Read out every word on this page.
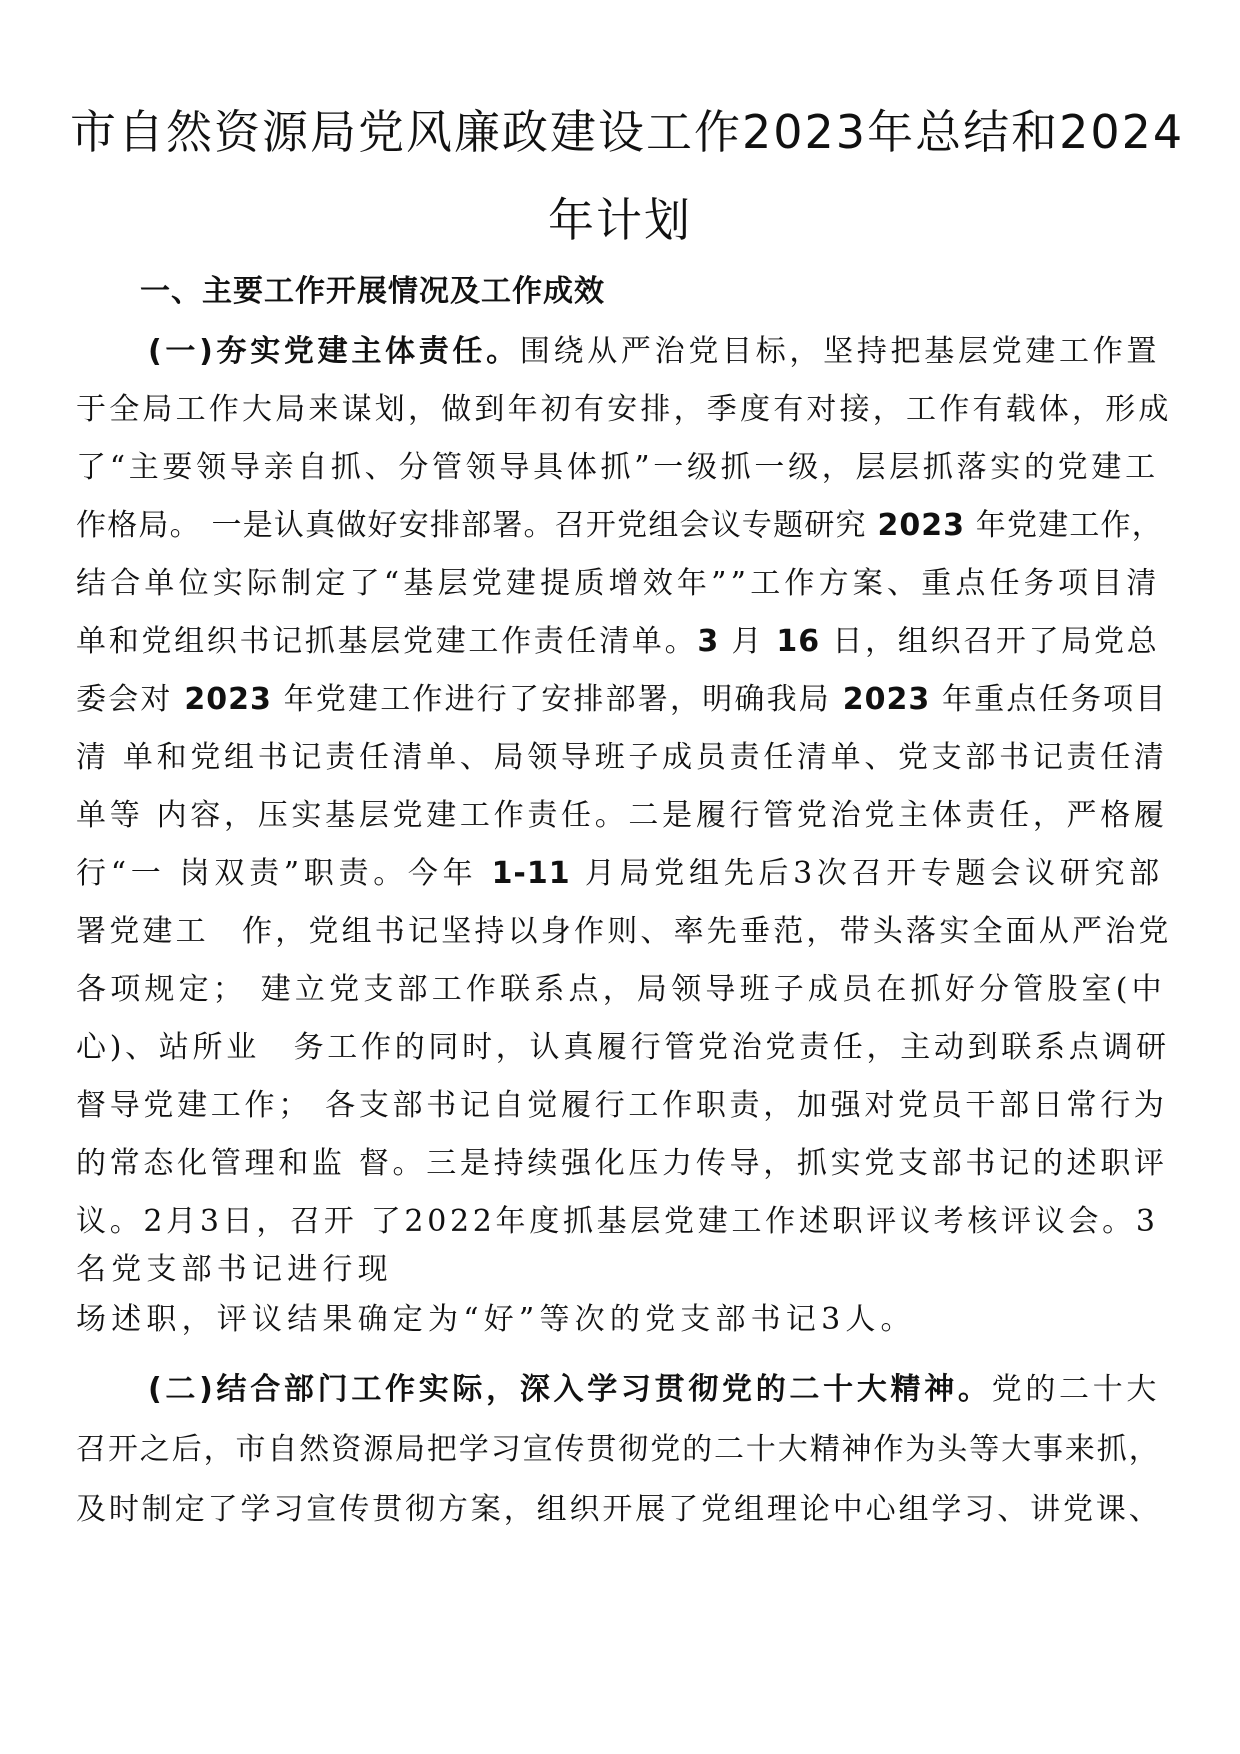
市自然资源局党风廉政建设工作2023年总结和2024
年计划
一、主要工作开展情况及工作成效

(一)夯实党建主体责任。围绕从严治党目标，坚持把基层党建工作置

于全局工作大局来谋划，做到年初有安排，季度有对接，工作有载体，形成

了“主要领导亲自抓、分管领导具体抓”一级抓一级，层层抓落实的党建工

作格局。 一是认真做好安排部署。召开党组会议专题研究 2023 年党建工作，

结合单位实际制定了“基层党建提质增效年””工作方案、重点任务项目清

单和党组织书记抓基层党建工作责任清单。3 月 16 日，组织召开了局党总

委会对 2023 年党建工作进行了安排部署，明确我局 2023 年重点任务项目

清 单和党组书记责任清单、局领导班子成员责任清单、党支部书记责任清

单等 内容，压实基层党建工作责任。二是履行管党治党主体责任，严格履

行“一 岗双责”职责。今年 1-11 月局党组先后3次召开专题会议研究部

署党建工　作，党组书记坚持以身作则、率先垂范，带头落实全面从严治党

各项规定； 建立党支部工作联系点，局领导班子成员在抓好分管股室(中

心)、站所业　务工作的同时，认真履行管党治党责任，主动到联系点调研

督导党建工作； 各支部书记自觉履行工作职责，加强对党员干部日常行为

的常态化管理和监 督。三是持续强化压力传导，抓实党支部书记的述职评

议。2月3日，召开 了2022年度抓基层党建工作述职评议考核评议会。3

名党支部书记进行现

场述职，评议结果确定为“好”等次的党支部书记3人。

(二)结合部门工作实际，深入学习贯彻党的二十大精神。党的二十大

召开之后，市自然资源局把学习宣传贯彻党的二十大精神作为头等大事来抓，

及时制定了学习宣传贯彻方案，组织开展了党组理论中心组学习、讲党课、
